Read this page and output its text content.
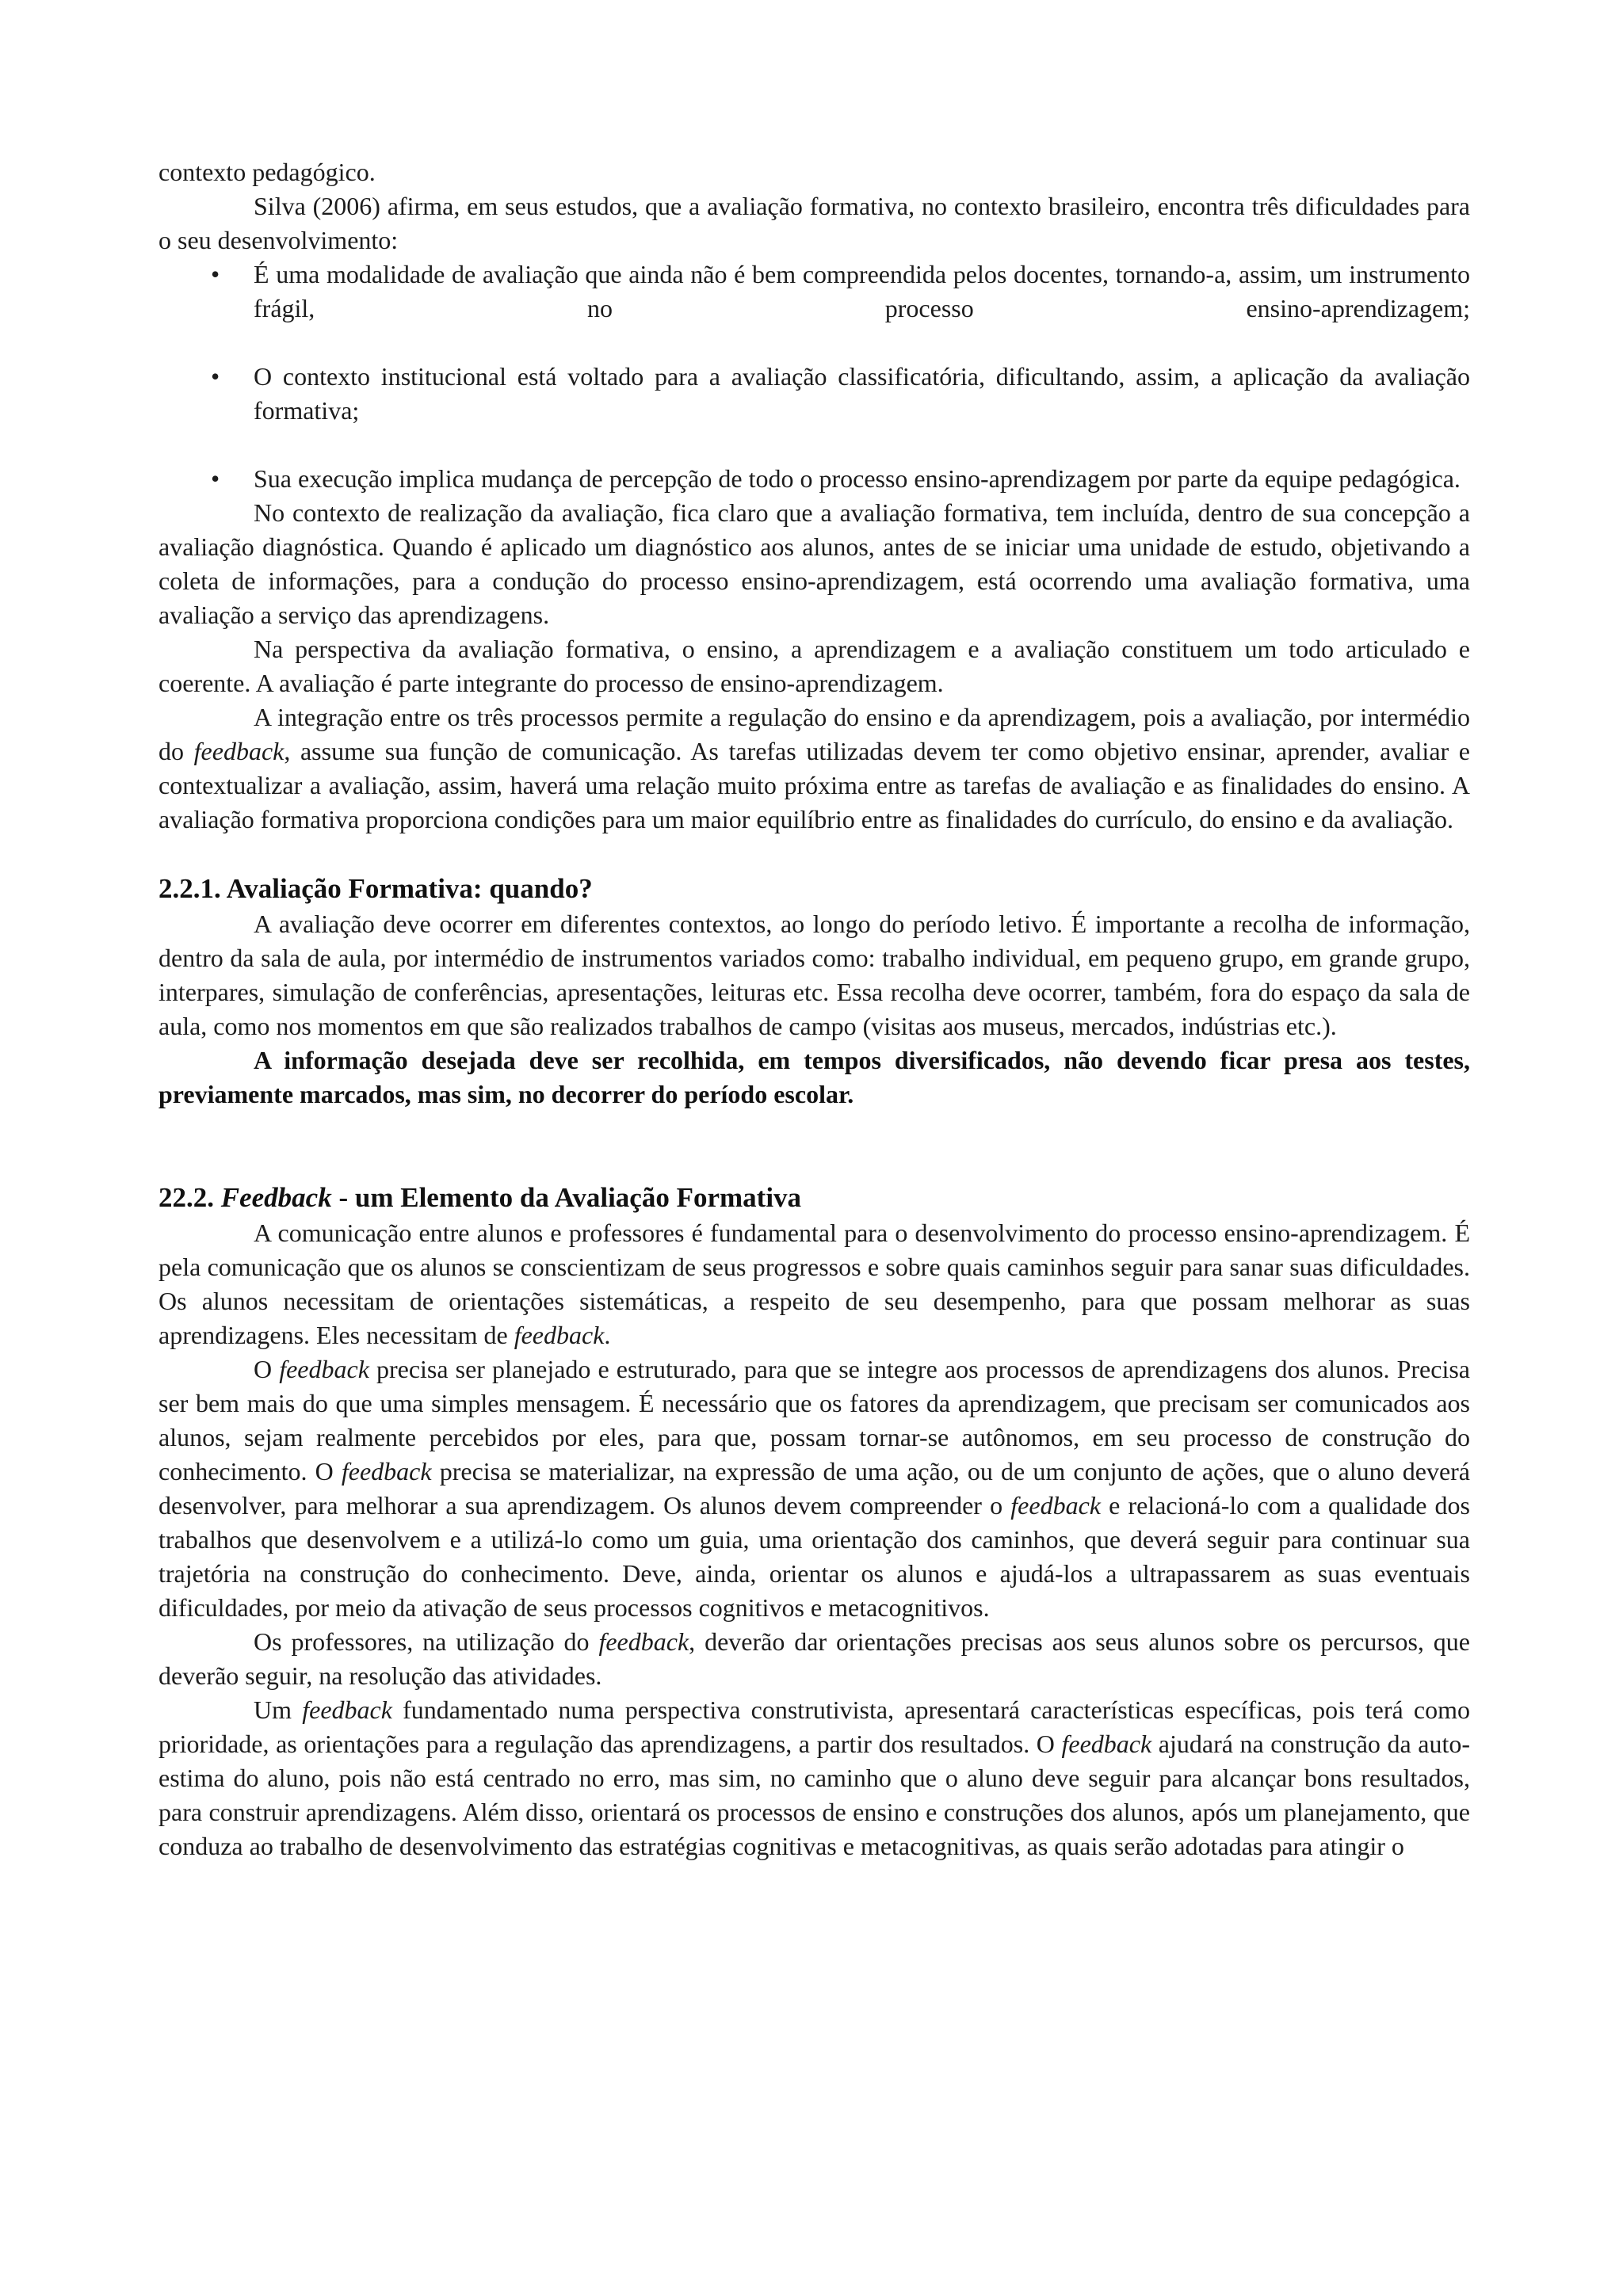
contexto pedagógico.

Silva (2006) afirma, em seus estudos, que a avaliação formativa, no contexto brasileiro, encontra três dificuldades para o seu desenvolvimento:

• É uma modalidade de avaliação que ainda não é bem compreendida pelos docentes, tornando-a, assim, um instrumento frágil, no processo ensino-aprendizagem;
• O contexto institucional está voltado para a avaliação classificatória, dificultando, assim, a aplicação da avaliação formativa;
• Sua execução implica mudança de percepção de todo o processo ensino-aprendizagem por parte da equipe pedagógica.

No contexto de realização da avaliação, fica claro que a avaliação formativa, tem incluída, dentro de sua concepção a avaliação diagnóstica. Quando é aplicado um diagnóstico aos alunos, antes de se iniciar uma unidade de estudo, objetivando a coleta de informações, para a condução do processo ensino-aprendizagem, está ocorrendo uma avaliação formativa, uma avaliação a serviço das aprendizagens.

Na perspectiva da avaliação formativa, o ensino, a aprendizagem e a avaliação constituem um todo articulado e coerente. A avaliação é parte integrante do processo de ensino-aprendizagem.

A integração entre os três processos permite a regulação do ensino e da aprendizagem, pois a avaliação, por intermédio do feedback, assume sua função de comunicação. As tarefas utilizadas devem ter como objetivo ensinar, aprender, avaliar e contextualizar a avaliação, assim, haverá uma relação muito próxima entre as tarefas de avaliação e as finalidades do ensino. A avaliação formativa proporciona condições para um maior equilíbrio entre as finalidades do currículo, do ensino e da avaliação.

2.2.1. Avaliação Formativa: quando?

A avaliação deve ocorrer em diferentes contextos, ao longo do período letivo. É importante a recolha de informação, dentro da sala de aula, por intermédio de instrumentos variados como: trabalho individual, em pequeno grupo, em grande grupo, interpares, simulação de conferências, apresentações, leituras etc. Essa recolha deve ocorrer, também, fora do espaço da sala de aula, como nos momentos em que são realizados trabalhos de campo (visitas aos museus, mercados, indústrias etc.).

A informação desejada deve ser recolhida, em tempos diversificados, não devendo ficar presa aos testes, previamente marcados, mas sim, no decorrer do período escolar.

22.2. Feedback - um Elemento da Avaliação Formativa

A comunicação entre alunos e professores é fundamental para o desenvolvimento do processo ensino-aprendizagem. É pela comunicação que os alunos se conscientizam de seus progressos e sobre quais caminhos seguir para sanar suas dificuldades. Os alunos necessitam de orientações sistemáticas, a respeito de seu desempenho, para que possam melhorar as suas aprendizagens. Eles necessitam de feedback.

O feedback precisa ser planejado e estruturado, para que se integre aos processos de aprendizagens dos alunos. Precisa ser bem mais do que uma simples mensagem. É necessário que os fatores da aprendizagem, que precisam ser comunicados aos alunos, sejam realmente percebidos por eles, para que, possam tornar-se autônomos, em seu processo de construção do conhecimento. O feedback precisa se materializar, na expressão de uma ação, ou de um conjunto de ações, que o aluno deverá desenvolver, para melhorar a sua aprendizagem. Os alunos devem compreender o feedback e relacioná-lo com a qualidade dos trabalhos que desenvolvem e a utilizá-lo como um guia, uma orientação dos caminhos, que deverá seguir para continuar sua trajetória na construção do conhecimento. Deve, ainda, orientar os alunos e ajudá-los a ultrapassarem as suas eventuais dificuldades, por meio da ativação de seus processos cognitivos e metacognitivos.

Os professores, na utilização do feedback, deverão dar orientações precisas aos seus alunos sobre os percursos, que deverão seguir, na resolução das atividades.

Um feedback fundamentado numa perspectiva construtivista, apresentará características específicas, pois terá como prioridade, as orientações para a regulação das aprendizagens, a partir dos resultados. O feedback ajudará na construção da auto-estima do aluno, pois não está centrado no erro, mas sim, no caminho que o aluno deve seguir para alcançar bons resultados, para construir aprendizagens. Além disso, orientará os processos de ensino e construções dos alunos, após um planejamento, que conduza ao trabalho de desenvolvimento das estratégias cognitivas e metacognitivas, as quais serão adotadas para atingir o
